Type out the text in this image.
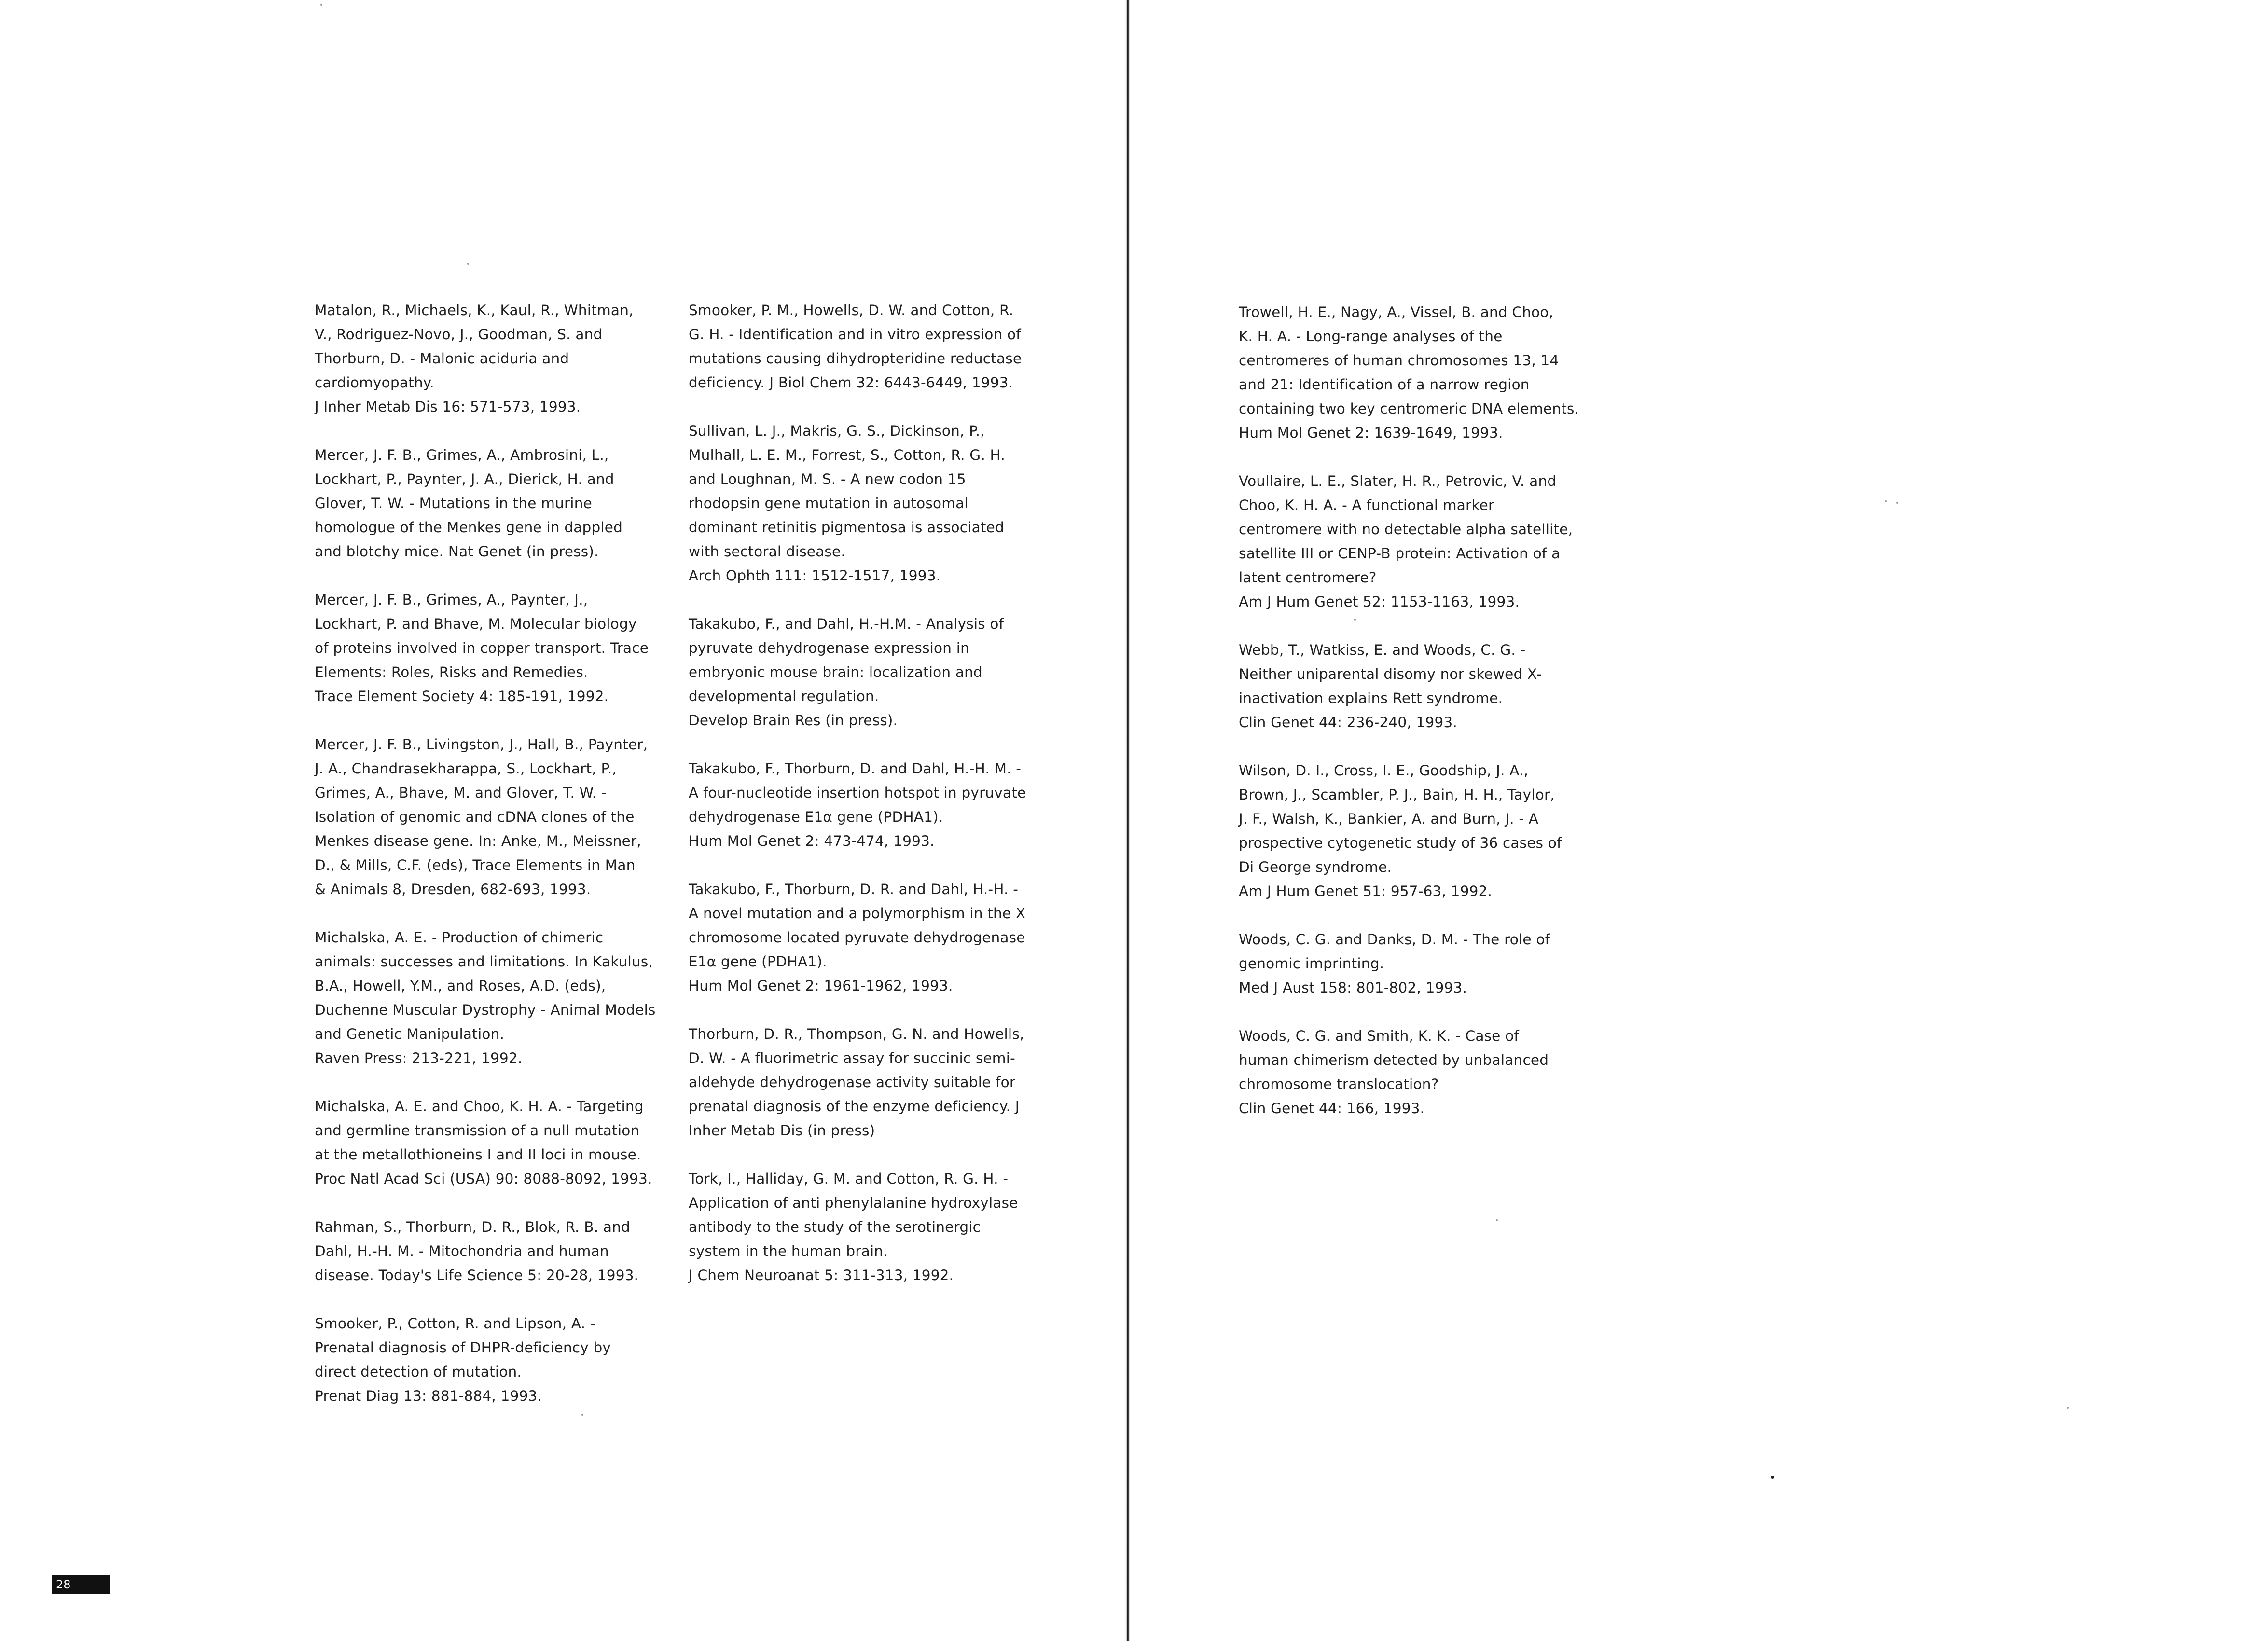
Matalon, R., Michaels, K., Kaul, R., Whitman,
V., Rodriguez-Novo, J., Goodman, S. and
Thorburn, D. - Malonic aciduria and
cardiomyopathy.
J Inher Metab Dis 16: 571-573, 1993.

Mercer, J. F. B., Grimes, A., Ambrosini, L.,
Lockhart, P., Paynter, J. A., Dierick, H. and
Glover, T. W. - Mutations in the murine
homologue of the Menkes gene in dappled
and blotchy mice. Nat Genet (in press).

Mercer, J. F. B., Grimes, A., Paynter, J.,
Lockhart, P. and Bhave, M. Molecular biology
of proteins involved in copper transport. Trace
Elements: Roles, Risks and Remedies.
Trace Element Society 4: 185-191, 1992.

Mercer, J. F. B., Livingston, J., Hall, B., Paynter,
J. A., Chandrasekharappa, S., Lockhart, P.,
Grimes, A., Bhave, M. and Glover, T. W. -
Isolation of genomic and cDNA clones of the
Menkes disease gene. In: Anke, M., Meissner,
D., & Mills, C.F. (eds), Trace Elements in Man
& Animals 8, Dresden, 682-693, 1993.

Michalska, A. E. - Production of chimeric
animals: successes and limitations. In Kakulus,
B.A., Howell, Y.M., and Roses, A.D. (eds),
Duchenne Muscular Dystrophy - Animal Models
and Genetic Manipulation.
Raven Press: 213-221, 1992.

Michalska, A. E. and Choo, K. H. A. - Targeting
and germline transmission of a null mutation
at the metallothioneins I and II loci in mouse.
Proc Natl Acad Sci (USA) 90: 8088-8092, 1993.

Rahman, S., Thorburn, D. R., Blok, R. B. and
Dahl, H.-H. M. - Mitochondria and human
disease. Today's Life Science 5: 20-28, 1993.

Smooker, P., Cotton, R. and Lipson, A. -
Prenatal diagnosis of DHPR-deficiency by
direct detection of mutation.
Prenat Diag 13: 881-884, 1993.

Smooker, P. M., Howells, D. W. and Cotton, R.
G. H. - Identification and in vitro expression of
mutations causing dihydropteridine reductase
deficiency. J Biol Chem 32: 6443-6449, 1993.

Sullivan, L. J., Makris, G. S., Dickinson, P.,
Mulhall, L. E. M., Forrest, S., Cotton, R. G. H.
and Loughnan, M. S. - A new codon 15
rhodopsin gene mutation in autosomal
dominant retinitis pigmentosa is associated
with sectoral disease.
Arch Ophth 111: 1512-1517, 1993.

Takakubo, F., and Dahl, H.-H.M. - Analysis of
pyruvate dehydrogenase expression in
embryonic mouse brain: localization and
developmental regulation.
Develop Brain Res (in press).

Takakubo, F., Thorburn, D. and Dahl, H.-H. M. -
A four-nucleotide insertion hotspot in pyruvate
dehydrogenase E1α gene (PDHA1).
Hum Mol Genet 2: 473-474, 1993.

Takakubo, F., Thorburn, D. R. and Dahl, H.-H. -
A novel mutation and a polymorphism in the X
chromosome located pyruvate dehydrogenase
E1α gene (PDHA1).
Hum Mol Genet 2: 1961-1962, 1993.

Thorburn, D. R., Thompson, G. N. and Howells,
D. W. - A fluorimetric assay for succinic semi-
aldehyde dehydrogenase activity suitable for
prenatal diagnosis of the enzyme deficiency. J
Inher Metab Dis (in press)

Tork, I., Halliday, G. M. and Cotton, R. G. H. -
Application of anti phenylalanine hydroxylase
antibody to the study of the serotinergic
system in the human brain.
J Chem Neuroanat 5: 311-313, 1992.

28

Trowell, H. E., Nagy, A., Vissel, B. and Choo,
K. H. A. - Long-range analyses of the
centromeres of human chromosomes 13, 14
and 21: Identification of a narrow region
containing two key centromeric DNA elements.
Hum Mol Genet 2: 1639-1649, 1993.

Voullaire, L. E., Slater, H. R., Petrovic, V. and
Choo, K. H. A. - A functional marker
centromere with no detectable alpha satellite,
satellite III or CENP-B protein: Activation of a
latent centromere?
Am J Hum Genet 52: 1153-1163, 1993.

Webb, T., Watkiss, E. and Woods, C. G. -
Neither uniparental disomy nor skewed X-
inactivation explains Rett syndrome.
Clin Genet 44: 236-240, 1993.

Wilson, D. I., Cross, I. E., Goodship, J. A.,
Brown, J., Scambler, P. J., Bain, H. H., Taylor,
J. F., Walsh, K., Bankier, A. and Burn, J. - A
prospective cytogenetic study of 36 cases of
Di George syndrome.
Am J Hum Genet 51: 957-63, 1992.

Woods, C. G. and Danks, D. M. - The role of
genomic imprinting.
Med J Aust 158: 801-802, 1993.

Woods, C. G. and Smith, K. K. - Case of
human chimerism detected by unbalanced
chromosome translocation?
Clin Genet 44: 166, 1993.
